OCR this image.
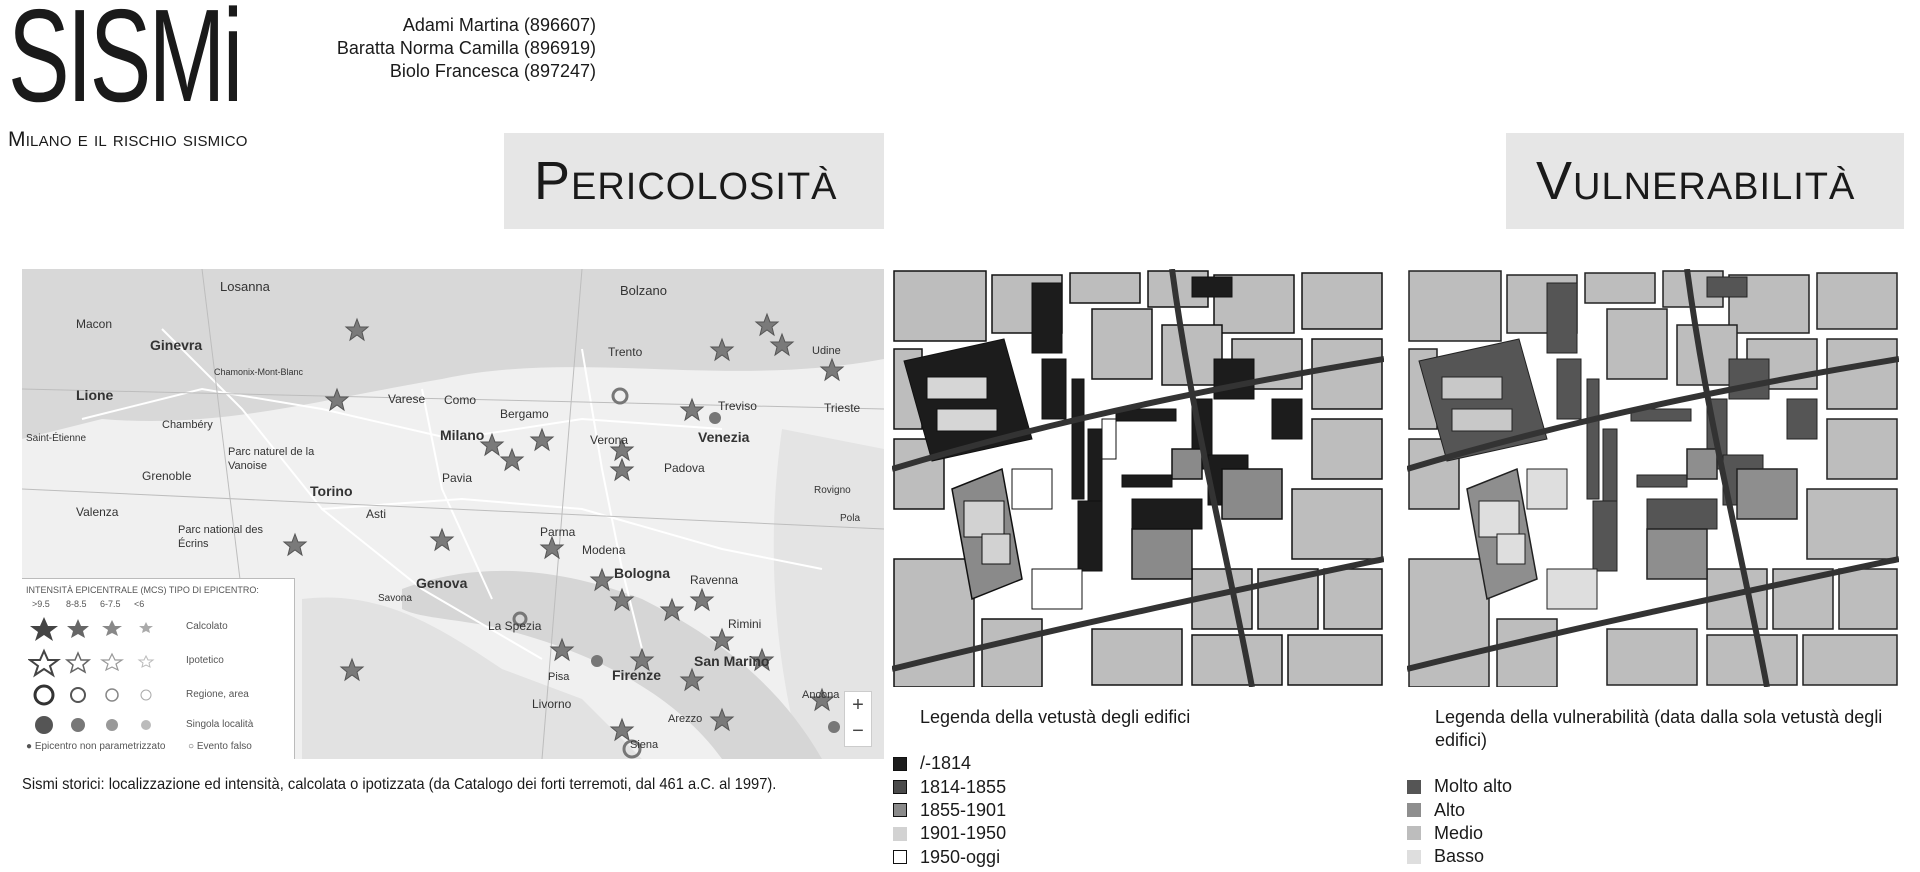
SISMi
Milano e il rischio sismico
Adami Martina (896607)
Baratta Norma Camilla (896919)
Biolo Francesca (897247)
Pericolosità	Vulnerabilità
Losanna	Bolzano
Macon
Ginevra
Chamonix-Mont-Blanc
Lione
Chambéry
Varese Como
Bergamo
Treviso
Udine
Trieste
Trento
Saint-Étienne
Parc naturel de la Vanoise
Milano	Verona	Venezia
Grenoble
Torino
Pavia
Padova
Rovigno
Valenza
Parc national des Écrins
Asti
Parma
Pola
Modena
Bologna Ravenna
Genova
Savona
La Spezia	Rimini
San Marino
Firenze
Pisa
Livorno
Ancona
Arezzo
Siena
+
−
INTENSITÀ EPICENTRALE (MCS) TIPO DI EPICENTRO:
>9.5 8-8.5 6-7.5 <6
Calcolato
Ipotetico
Regione, area
Singola località
● Epicentro non parametrizzato ○ Evento falso
Sismi storici: localizzazione ed intensità, calcolata o ipotizzata (da Catalogo dei forti terremoti, dal 461 a.C. al 1997).
Legenda della vetustà degli edifici
/-1814
1814-1855
1855-1901
1901-1950
1950-oggi
Legenda della vulnerabilità (data dalla sola vetustà degli edifici)
Molto alto
Alto
Medio
Basso
